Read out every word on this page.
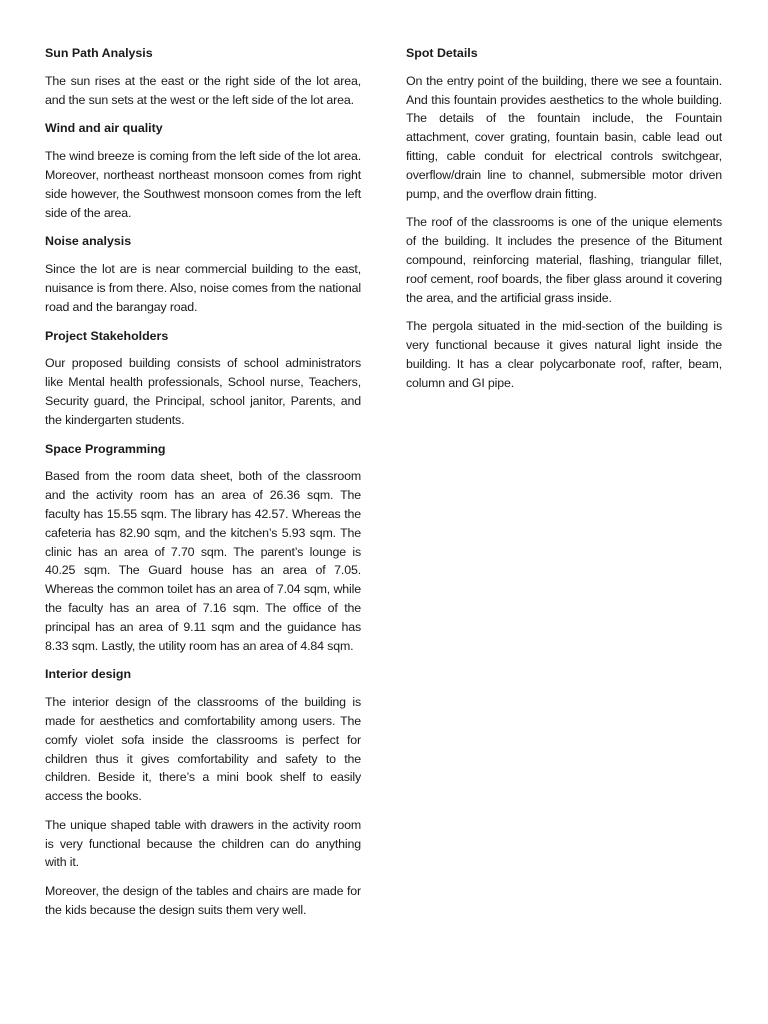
Sun Path Analysis

The sun rises at the east or the right side of the lot area, and the sun sets at the west or the left side of the lot area.

Wind and air quality

The wind breeze is coming from the left side of the lot area. Moreover, northeast northeast monsoon comes from right side however, the Southwest monsoon comes from the left side of the area.

Noise analysis

Since the lot are is near commercial building to the east, nuisance is from there. Also, noise comes from the national road and the barangay road.

Project Stakeholders

Our proposed building consists of school administrators like Mental health professionals, School nurse, Teachers, Security guard, the Principal, school janitor, Parents, and the kindergarten students.

Space Programming

Based from the room data sheet, both of the classroom and the activity room has an area of 26.36 sqm. The faculty has 15.55 sqm. The library has 42.57. Whereas the cafeteria has 82.90 sqm, and the kitchen’s 5.93 sqm. The clinic has an area of 7.70 sqm. The parent’s lounge is 40.25 sqm. The Guard house has an area of 7.05. Whereas the common toilet has an area of 7.04 sqm, while the faculty has an area of 7.16 sqm. The office of the principal has an area of 9.11 sqm and the guidance has 8.33 sqm. Lastly, the utility room has an area of 4.84 sqm.

Interior design

The interior design of the classrooms of the building is made for aesthetics and comfortability among users. The comfy violet sofa inside the classrooms is perfect for children thus it gives comfortability and safety to the children. Beside it, there’s a mini book shelf to easily access the books.

The unique shaped table with drawers in the activity room is very functional because the children can do anything with it.

Moreover, the design of the tables and chairs are made for the kids because the design suits them very well.

Spot Details

On the entry point of the building, there we see a fountain. And this fountain provides aesthetics to the whole building. The details of the fountain include, the Fountain attachment, cover grating, fountain basin, cable lead out fitting, cable conduit for electrical controls switchgear, overflow/drain line to channel, submersible motor driven pump, and the overflow drain fitting.

The roof of the classrooms is one of the unique elements of the building. It includes the presence of the Bitument compound, reinforcing material, flashing, triangular fillet, roof cement, roof boards, the fiber glass around it covering the area, and the artificial grass inside.

The pergola situated in the mid-section of the building is very functional because it gives natural light inside the building. It has a clear polycarbonate roof, rafter, beam, column and GI pipe.
